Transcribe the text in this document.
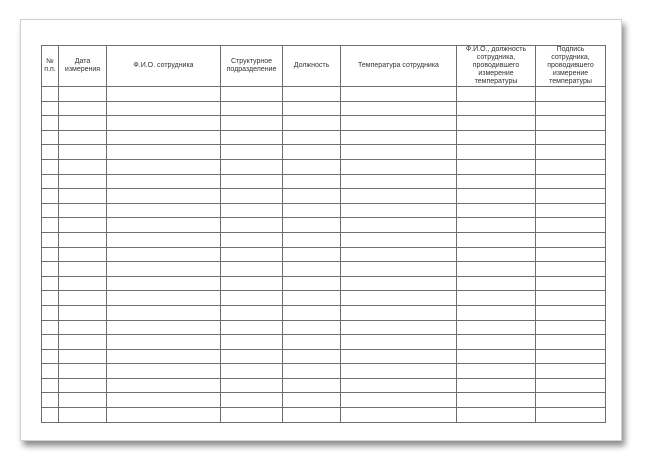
№ п.п.	Дата измерения	Ф.И.О. сотрудника	Структурное подразделение	Должность	Температура сотрудника	Ф.И.О., должность сотрудника, проводившего измерение температуры	Подпись сотрудника, проводившего измерение температуры
